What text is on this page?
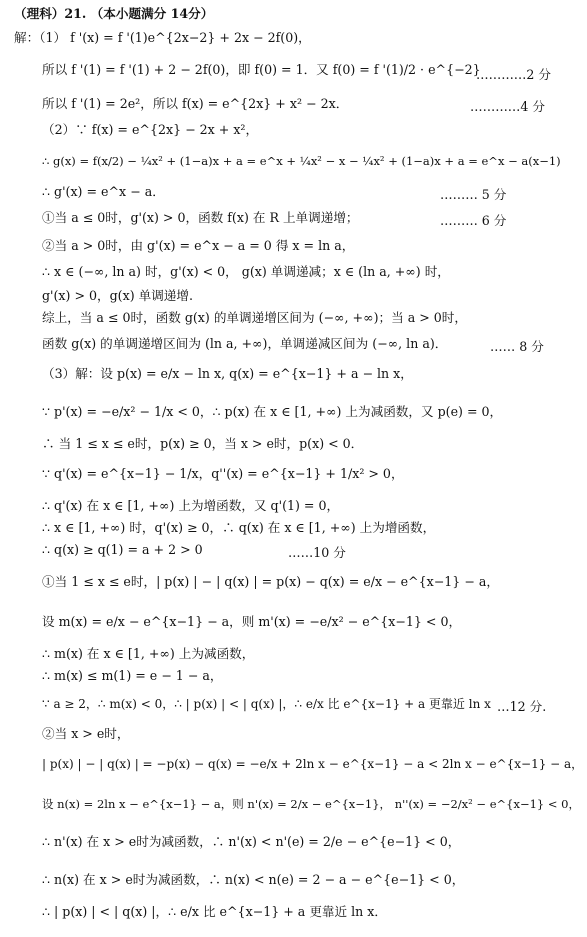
（理科）21. （本小题满分 14分）
解：（1） f '(x) = f '(1)e^{2x−2} + 2x − 2f(0)，
所以 f '(1) = f '(1) + 2 − 2f(0)，即 f(0) = 1．又 f(0) = f '(1)/2 · e^{−2}
…………2 分
所以 f '(1) = 2e²，所以 f(x) = e^{2x} + x² − 2x．	…………4 分
（2）∵ f(x) = e^{2x} − 2x + x²，
∴ g(x) = f(x/2) − ¼x² + (1−a)x + a = e^x + ¼x² − x − ¼x² + (1−a)x + a = e^x − a(x−1)
∴ g'(x) = e^x − a．	……… 5 分
①当 a ≤ 0时，g'(x) > 0，函数 f(x) 在 R 上单调递增；	……… 6 分
②当 a > 0时，由 g'(x) = e^x − a = 0 得 x = ln a，
∴ x ∈ (−∞, ln a) 时，g'(x) < 0， g(x) 单调递减；x ∈ (ln a, +∞) 时，
g'(x) > 0，g(x) 单调递增.
综上，当 a ≤ 0时，函数 g(x) 的单调递增区间为 (−∞, +∞)；当 a > 0时，
函数 g(x) 的单调递增区间为 (ln a, +∞)，单调递减区间为 (−∞, ln a)．	…… 8 分
（3）解：设 p(x) = e/x − ln x, q(x) = e^{x−1} + a − ln x，
∵ p'(x) = −e/x² − 1/x < 0，∴ p(x) 在 x ∈ [1, +∞) 上为减函数，又 p(e) = 0，
∴ 当 1 ≤ x ≤ e时，p(x) ≥ 0，当 x > e时，p(x) < 0．
∵ q'(x) = e^{x−1} − 1/x，q''(x) = e^{x−1} + 1/x² > 0，
∴ q'(x) 在 x ∈ [1, +∞) 上为增函数，又 q'(1) = 0，
∴ x ∈ [1, +∞) 时，q'(x) ≥ 0，∴ q(x) 在 x ∈ [1, +∞) 上为增函数，
∴ q(x) ≥ q(1) = a + 2 > 0	……10 分
①当 1 ≤ x ≤ e时，| p(x) | − | q(x) | = p(x) − q(x) = e/x − e^{x−1} − a，
设 m(x) = e/x − e^{x−1} − a，则 m'(x) = −e/x² − e^{x−1} < 0，
∴ m(x) 在 x ∈ [1, +∞) 上为减函数，
∴ m(x) ≤ m(1) = e − 1 − a，
∵ a ≥ 2，∴ m(x) < 0，∴ | p(x) | < | q(x) |，∴ e/x 比 e^{x−1} + a 更靠近 ln x …12 分.
②当 x > e时，
| p(x) | − | q(x) | = −p(x) − q(x) = −e/x + 2ln x − e^{x−1} − a < 2ln x − e^{x−1} − a，
设 n(x) = 2ln x − e^{x−1} − a，则 n'(x) = 2/x − e^{x−1}， n''(x) = −2/x² − e^{x−1} < 0，
∴ n'(x) 在 x > e时为减函数，∴ n'(x) < n'(e) = 2/e − e^{e−1} < 0，
∴ n(x) 在 x > e时为减函数，∴ n(x) < n(e) = 2 − a − e^{e−1} < 0，
∴ | p(x) | < | q(x) |，∴ e/x 比 e^{x−1} + a 更靠近 ln x．
